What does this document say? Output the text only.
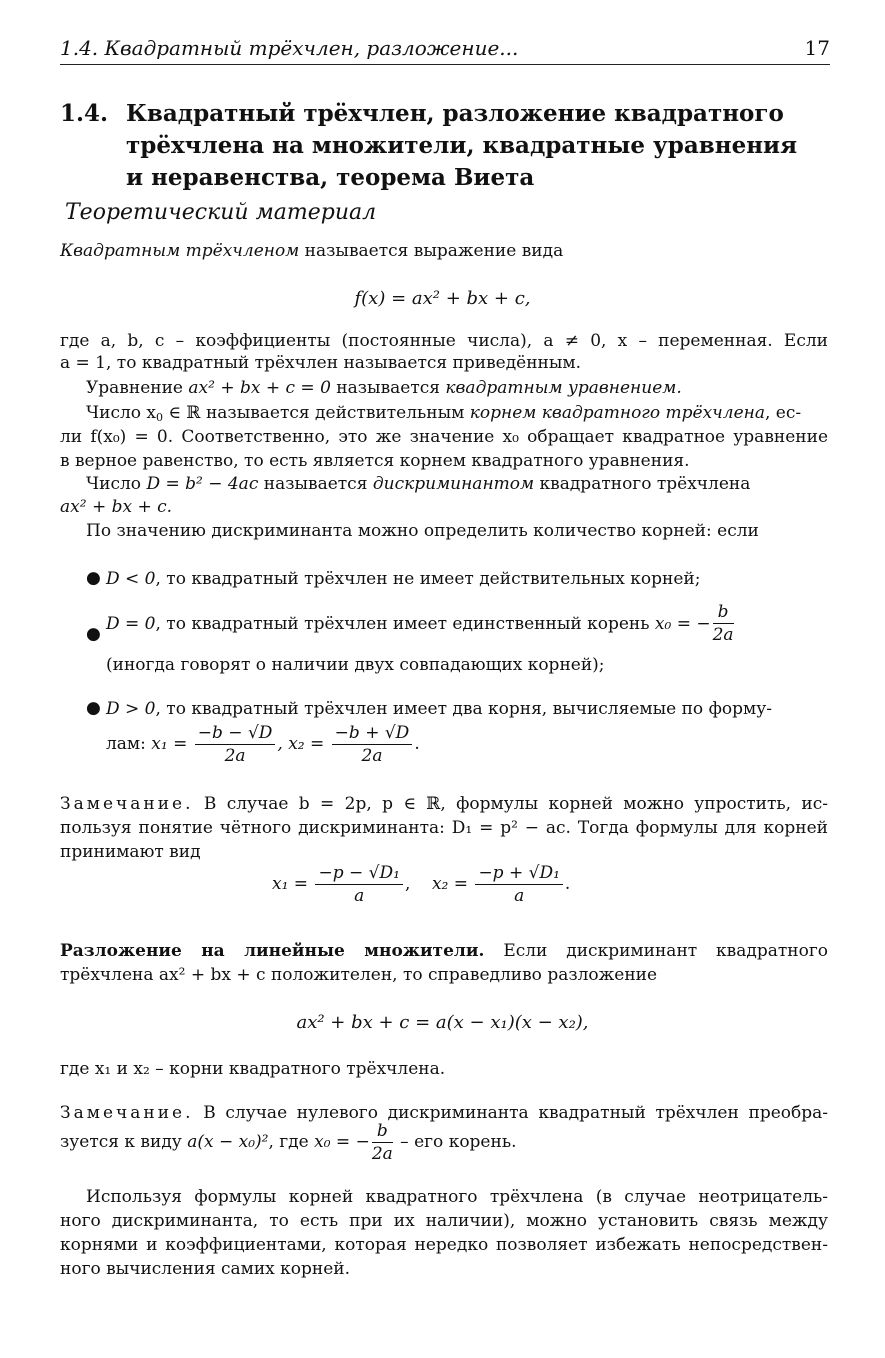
1.4. Квадратный трёхчлен, разложение...	17
1.4. Квадратный трёхчлен, разложение квадратного трёхчлена на множители, квадратные уравнения и неравенства, теорема Виета
Теоретический материал
Квадратным трёхчленом называется выражение вида
f(x) = ax² + bx + c,
где a, b, c – коэффициенты (постоянные числа), a ≠ 0, x – переменная. Если
a = 1, то квадратный трёхчлен называется приведённым.
Уравнение ax² + bx + c = 0 называется квадратным уравнением.
Число $x_0$ ∈ ℝ называется действительным корнем квадратного трёхчлена, ес-
ли f(x₀) = 0. Соответственно, это же значение x₀ обращает квадратное уравнение
в верное равенство, то есть является корнем квадратного уравнения.
Число D = b² − 4ac называется дискриминантом квадратного трёхчлена
ax² + bx + c.
По значению дискриминанта можно определить количество корней: если
● D < 0, то квадратный трёхчлен не имеет действительных корней;
●
D = 0, то квадратный трёхчлен имеет единственный корень x₀ = − $\frac{b}{2a}$
(иногда говорят о наличии двух совпадающих корней);
● D > 0, то квадратный трёхчлен имеет два корня, вычисляемые по форму-
лам: $x_1 = \frac{-b - √D}{2a}$ , $x_2 = \frac{-b + √D}{2a}$ .
Замечание. В случае b = 2p, p ∈ ℝ, формулы корней можно упростить, ис-
пользуя понятие чётного дискриминанта: D₁ = p² − ac. Тогда формулы для корней
принимают вид
$x_1 = \frac{\text{−p − √D₁}}{a}$ ,    $x_2 = \frac{\text{−p + √D₁}}{a}$ .
Разложение на линейные множители. Если дискриминант квадратного
трёхчлена ax² + bx + c положителен, то справедливо разложение
ax² + bx + c = a(x − x₁)(x − x₂),
где x₁ и x₂ – корни квадратного трёхчлена.
Замечание. В случае нулевого дискриминанта квадратный трёхчлен преобра-
зуется к виду a(x − x₀)², где x₀ = − $\frac{b}{2a}$ – его корень.
Используя формулы корней квадратного трёхчлена (в случае неотрицатель-
ного дискриминанта, то есть при их наличии), можно установить связь между
корнями и коэффициентами, которая нередко позволяет избежать непосредствен-
ного вычисления самих корней.
